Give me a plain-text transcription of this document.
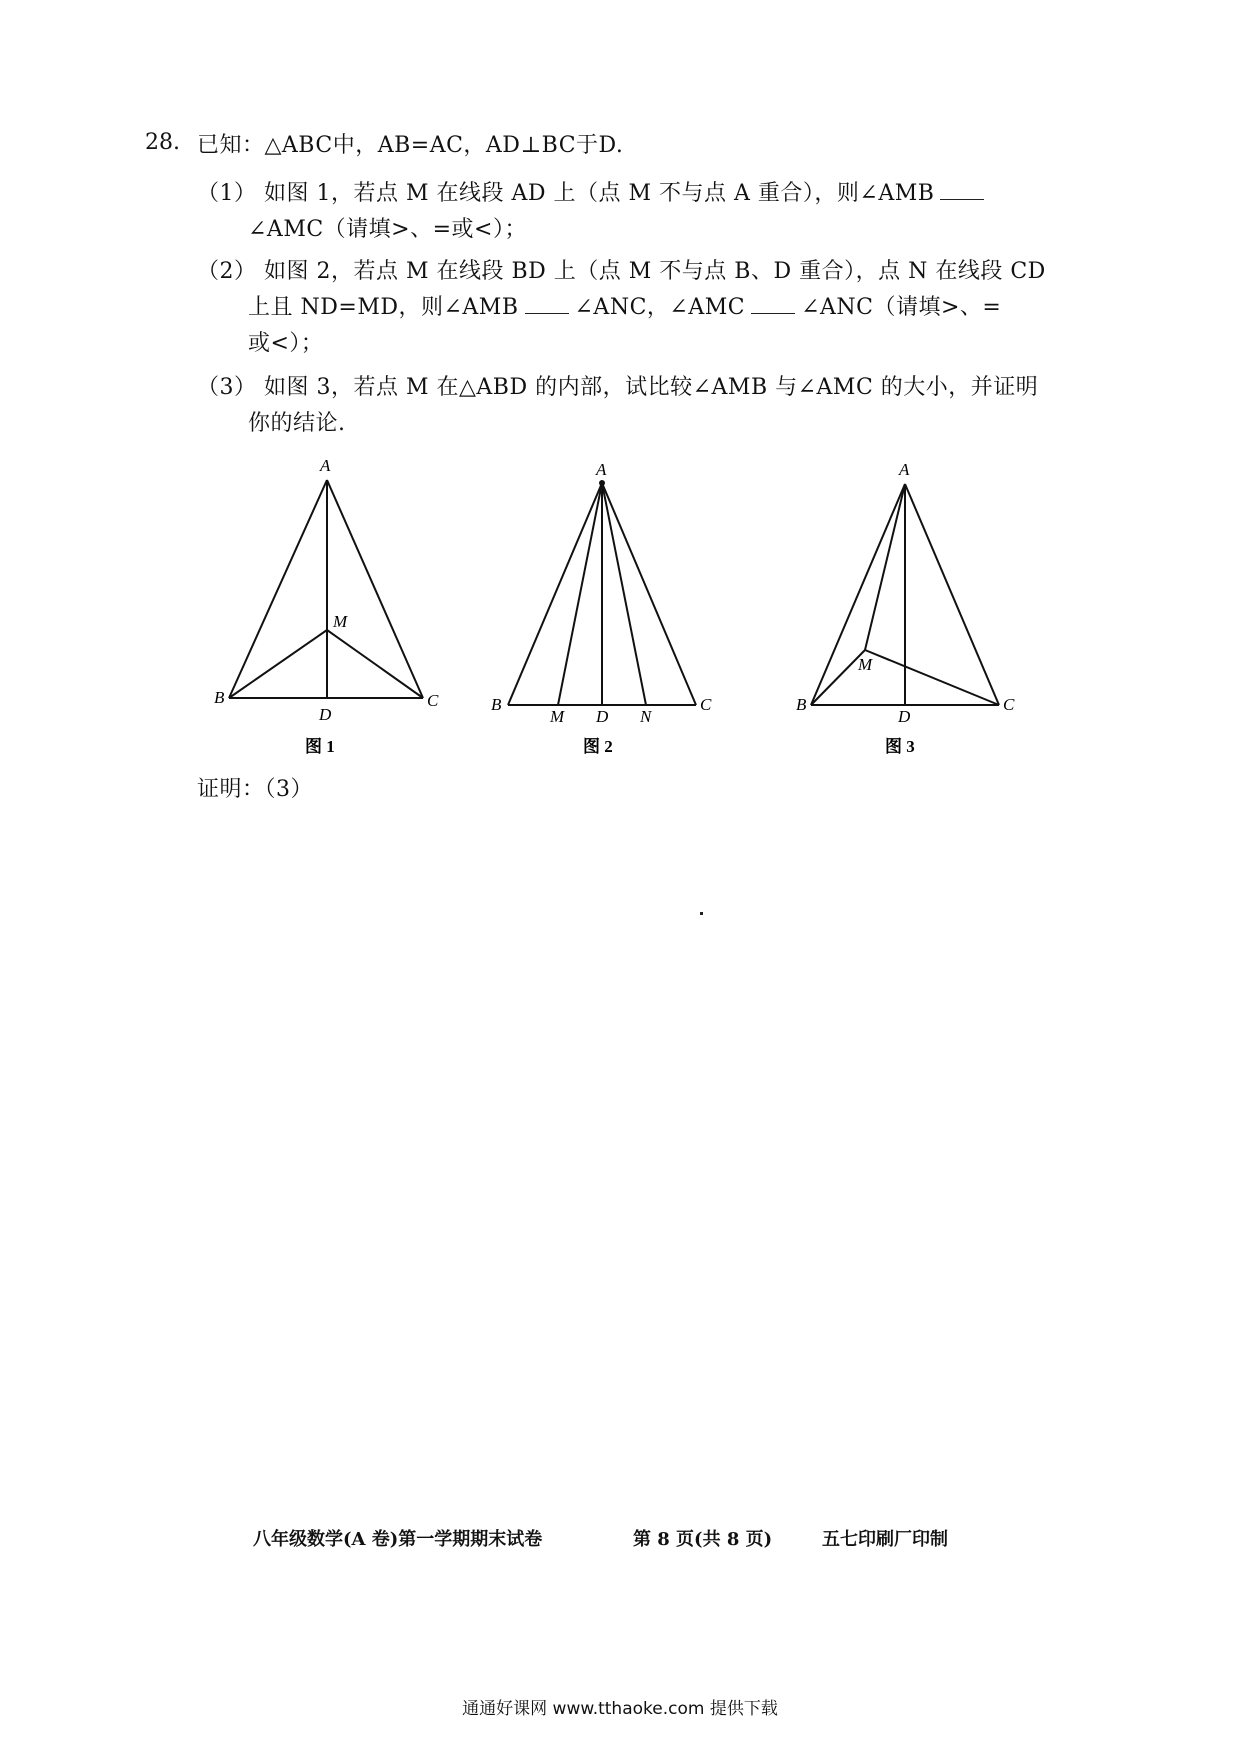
28. 已知：△ABC中，AB=AC，AD⊥BC于D.
（1） 如图 1，若点 M 在线段 AD 上（点 M 不与点 A 重合），则∠AMB
∠AMC（请填>、=或<）；
（2） 如图 2，若点 M 在线段 BD 上（点 M 不与点 B、D 重合），点 N 在线段 CD
上且 ND=MD，则∠AMB	∠ANC，∠AMC	∠ANC（请填>、=
或<）；
（3） 如图 3，若点 M 在△ABD 的内部，试比较∠AMB 与∠AMC 的大小，并证明
你的结论.
A
B	C
D
M
A
B	C
D
M	N
A
B	C
D
M
图 1	图 2	图 3
证明：（3）
八年级数学(A 卷)第一学期期末试卷	第 8 页(共 8 页)	五七印刷厂印制
通通好课网 www.tthaoke.com 提供下载
